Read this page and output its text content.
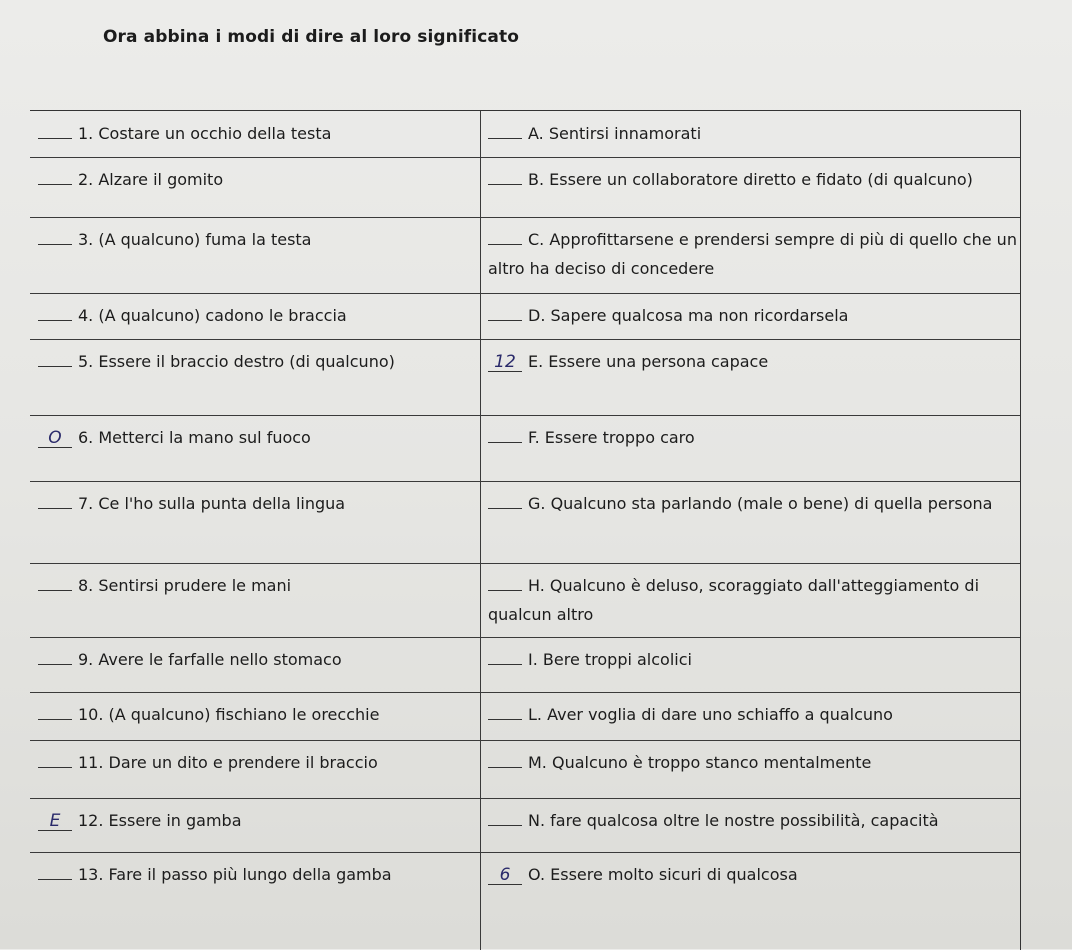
Ora abbina i modi di dire al loro significato
1. Costare un occhio della testa	A. Sentirsi innamorati
2. Alzare il gomito	B. Essere un collaboratore diretto e fidato (di qualcuno)
3. (A qualcuno) fuma la testa	C. Approfittarsene e prendersi sempre di più di quello che un altro ha deciso di concedere
4. (A qualcuno) cadono le braccia	D. Sapere qualcosa ma non ricordarsela
5. Essere il braccio destro (di qualcuno)	12 E. Essere una persona capace
O 6. Metterci la mano sul fuoco	F. Essere troppo caro
7. Ce l'ho sulla punta della lingua	G. Qualcuno sta parlando (male o bene) di quella persona
8. Sentirsi prudere le mani	H. Qualcuno è deluso, scoraggiato dall'atteggiamento di qualcun altro
9. Avere le farfalle nello stomaco	I. Bere troppi alcolici
10. (A qualcuno) fischiano le orecchie	L. Aver voglia di dare uno schiaffo a qualcuno
11. Dare un dito e prendere il braccio	M. Qualcuno è troppo stanco mentalmente
E 12. Essere in gamba	N. fare qualcosa oltre le nostre possibilità, capacità
13. Fare il passo più lungo della gamba	6 O. Essere molto sicuri di qualcosa
